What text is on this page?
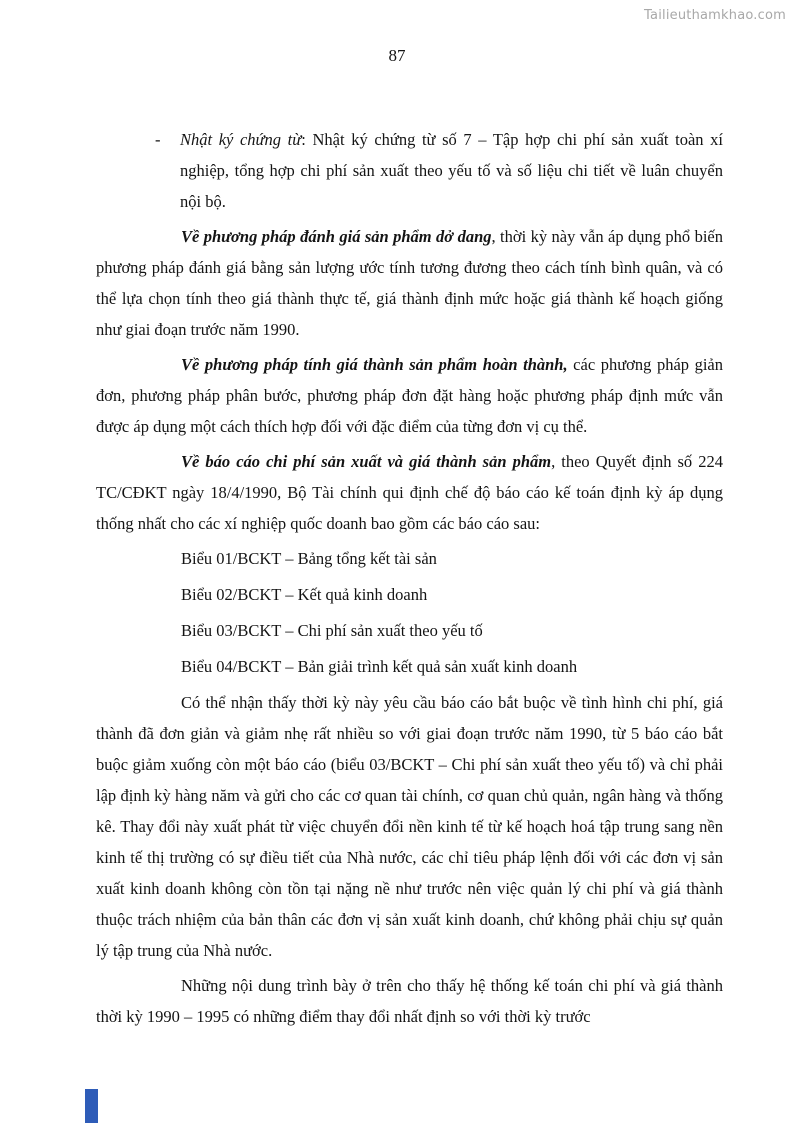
Tailieuthamkhao.com
87
- Nhật ký chứng từ: Nhật ký chứng từ số 7 – Tập hợp chi phí sản xuất toàn xí nghiệp, tổng hợp chi phí sản xuất theo yếu tố và số liệu chi tiết về luân chuyển nội bộ.

Về phương pháp đánh giá sản phẩm dở dang, thời kỳ này vẫn áp dụng phổ biến phương pháp đánh giá bằng sản lượng ước tính tương đương theo cách tính bình quân, và có thể lựa chọn tính theo giá thành thực tế, giá thành định mức hoặc giá thành kế hoạch giống như giai đoạn trước năm 1990.

Về phương pháp tính giá thành sản phẩm hoàn thành, các phương pháp giản đơn, phương pháp phân bước, phương pháp đơn đặt hàng hoặc phương pháp định mức vẫn được áp dụng một cách thích hợp đối với đặc điểm của từng đơn vị cụ thể.

Về báo cáo chi phí sản xuất và giá thành sản phẩm, theo Quyết định số 224 TC/CĐKT ngày 18/4/1990, Bộ Tài chính qui định chế độ báo cáo kế toán định kỳ áp dụng thống nhất cho các xí nghiệp quốc doanh bao gồm các báo cáo sau:

Biểu 01/BCKT – Bảng tổng kết tài sản

Biểu 02/BCKT – Kết quả kinh doanh

Biểu 03/BCKT – Chi phí sản xuất theo yếu tố

Biểu 04/BCKT – Bản giải trình kết quả sản xuất kinh doanh

Có thể nhận thấy thời kỳ này yêu cầu báo cáo bắt buộc về tình hình chi phí, giá thành đã đơn giản và giảm nhẹ rất nhiều so với giai đoạn trước năm 1990, từ 5 báo cáo bắt buộc giảm xuống còn một báo cáo (biểu 03/BCKT – Chi phí sản xuất theo yếu tố) và chỉ phải lập định kỳ hàng năm và gửi cho các cơ quan tài chính, cơ quan chủ quản, ngân hàng và thống kê. Thay đổi này xuất phát từ việc chuyển đổi nền kinh tế từ kế hoạch hoá tập trung sang nền kinh tế thị trường có sự điều tiết của Nhà nước, các chỉ tiêu pháp lệnh đối với các đơn vị sản xuất kinh doanh không còn tồn tại nặng nề như trước nên việc quản lý chi phí và giá thành thuộc trách nhiệm của bản thân các đơn vị sản xuất kinh doanh, chứ không phải chịu sự quản lý tập trung của Nhà nước.

Những nội dung trình bày ở trên cho thấy hệ thống kế toán chi phí và giá thành thời kỳ 1990 – 1995 có những điểm thay đổi nhất định so với thời kỳ trước
